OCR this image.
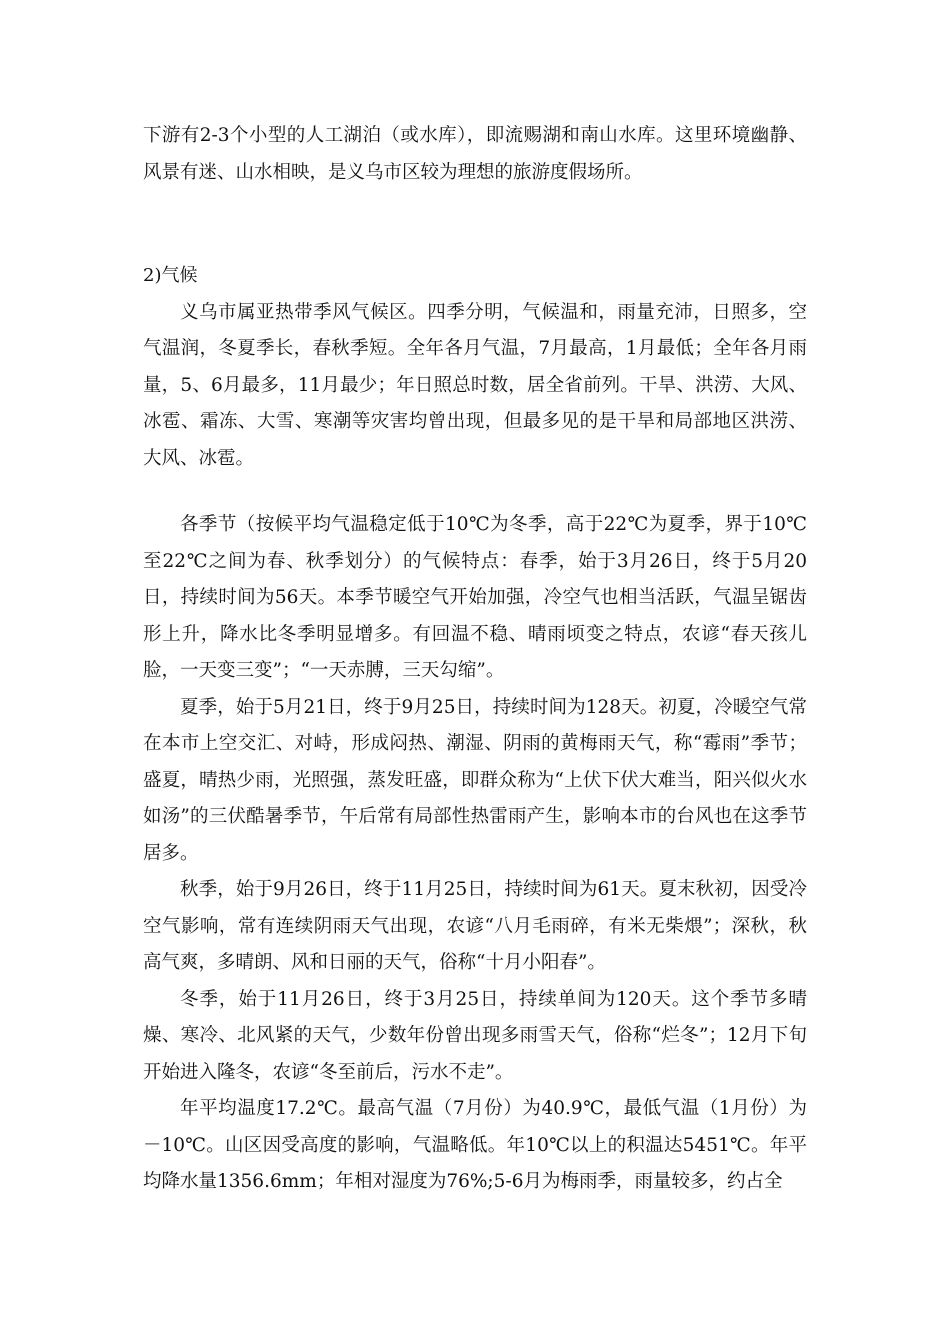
下游有2-3个小型的人工湖泊（或水库），即流赐湖和南山水库。这里环境幽静、风景有迷、山水相映，是义乌市区较为理想的旅游度假场所。

2)气候

义乌市属亚热带季风气候区。四季分明，气候温和，雨量充沛，日照多，空气温润，冬夏季长，春秋季短。全年各月气温，7月最高，1月最低；全年各月雨量，5、6月最多，11月最少；年日照总时数，居全省前列。干旱、洪涝、大风、冰雹、霜冻、大雪、寒潮等灾害均曾出现，但最多见的是干旱和局部地区洪涝、大风、冰雹。

各季节（按候平均气温稳定低于10℃为冬季，高于22℃为夏季，界于10℃至22℃之间为春、秋季划分）的气候特点：春季，始于3月26日，终于5月20日，持续时间为56天。本季节暖空气开始加强，冷空气也相当活跃，气温呈锯齿形上升，降水比冬季明显增多。有回温不稳、晴雨顷变之特点，农谚“春天孩儿脸，一天变三变”；“一天赤膊，三天勾缩”。

夏季，始于5月21日，终于9月25日，持续时间为128天。初夏，冷暖空气常在本市上空交汇、对峙，形成闷热、潮湿、阴雨的黄梅雨天气，称“霉雨”季节；盛夏，晴热少雨，光照强，蒸发旺盛，即群众称为“上伏下伏大难当，阳兴似火水如汤”的三伏酷暑季节，午后常有局部性热雷雨产生，影响本市的台风也在这季节居多。

秋季，始于9月26日，终于11月25日，持续时间为61天。夏末秋初，因受冷空气影响，常有连续阴雨天气出现，农谚“八月毛雨碎，有米无柴煨”；深秋，秋高气爽，多晴朗、风和日丽的天气，俗称“十月小阳春”。

冬季，始于11月26日，终于3月25日，持续单间为120天。这个季节多晴燥、寒冷、北风紧的天气，少数年份曾出现多雨雪天气，俗称“烂冬”；12月下旬开始进入隆冬，农谚“冬至前后，污水不走”。

年平均温度17.2℃。最高气温（7月份）为40.9℃，最低气温（1月份）为－10℃。山区因受高度的影响，气温略低。年10℃以上的积温达5451℃。年平均降水量1356.6mm；年相对湿度为76%;5-6月为梅雨季，雨量较多，约占全
